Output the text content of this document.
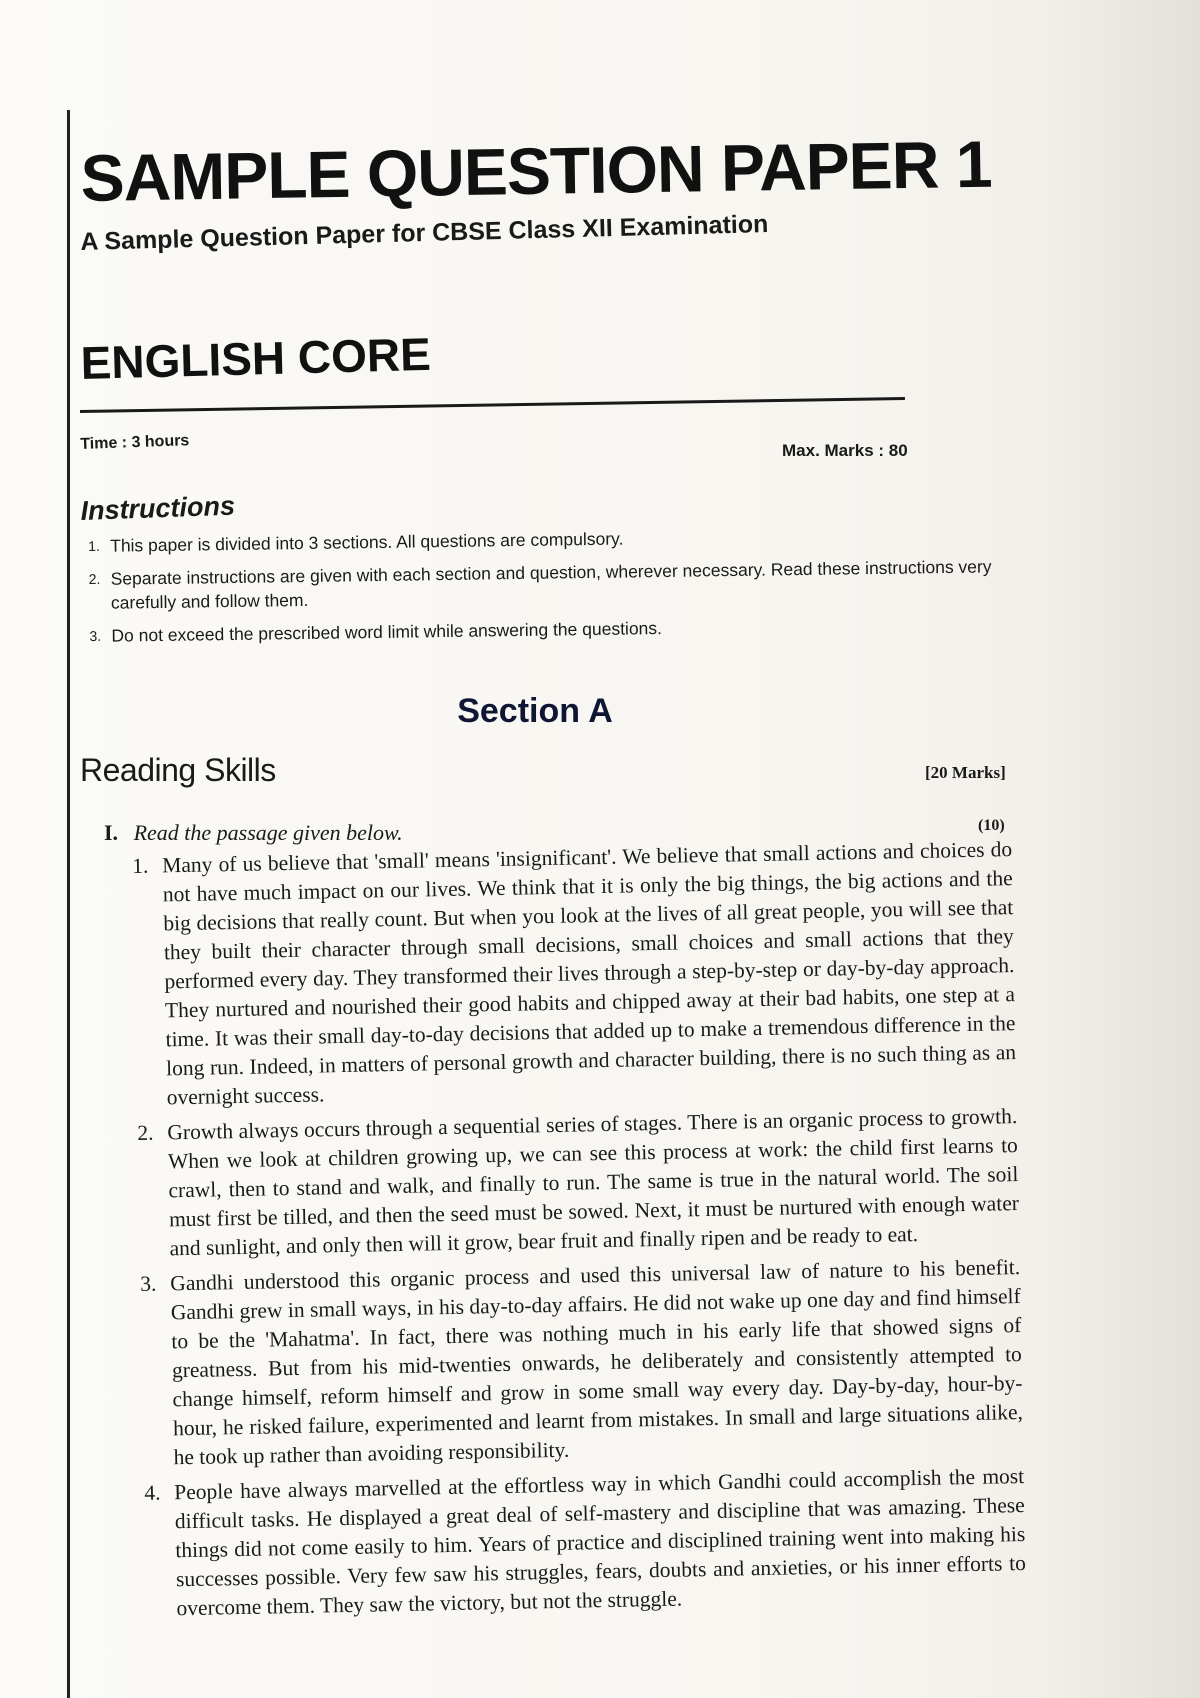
SAMPLE QUESTION PAPER 1
A Sample Question Paper for CBSE Class XII Examination
ENGLISH CORE
Time : 3 hours	Max. Marks : 80
Instructions
1. This paper is divided into 3 sections. All questions are compulsory.
2. Separate instructions are given with each section and question, wherever necessary. Read these instructions very carefully and follow them.
3. Do not exceed the prescribed word limit while answering the questions.
Section A
Reading Skills	[20 Marks]
I. Read the passage given below.	(10)
1. Many of us believe that 'small' means 'insignificant'. We believe that small actions and choices do not have much impact on our lives. We think that it is only the big things, the big actions and the big decisions that really count. But when you look at the lives of all great people, you will see that they built their character through small decisions, small choices and small actions that they performed every day. They transformed their lives through a step-by-step or day-by-day approach. They nurtured and nourished their good habits and chipped away at their bad habits, one step at a time. It was their small day-to-day decisions that added up to make a tremendous difference in the long run. Indeed, in matters of personal growth and character building, there is no such thing as an overnight success.
2. Growth always occurs through a sequential series of stages. There is an organic process to growth. When we look at children growing up, we can see this process at work: the child first learns to crawl, then to stand and walk, and finally to run. The same is true in the natural world. The soil must first be tilled, and then the seed must be sowed. Next, it must be nurtured with enough water and sunlight, and only then will it grow, bear fruit and finally ripen and be ready to eat.
3. Gandhi understood this organic process and used this universal law of nature to his benefit. Gandhi grew in small ways, in his day-to-day affairs. He did not wake up one day and find himself to be the 'Mahatma'. In fact, there was nothing much in his early life that showed signs of greatness. But from his mid-twenties onwards, he deliberately and consistently attempted to change himself, reform himself and grow in some small way every day. Day-by-day, hour-by-hour, he risked failure, experimented and learnt from mistakes. In small and large situations alike, he took up rather than avoiding responsibility.
4. People have always marvelled at the effortless way in which Gandhi could accomplish the most difficult tasks. He displayed a great deal of self-mastery and discipline that was amazing. These things did not come easily to him. Years of practice and disciplined training went into making his successes possible. Very few saw his struggles, fears, doubts and anxieties, or his inner efforts to overcome them. They saw the victory, but not the struggle.
